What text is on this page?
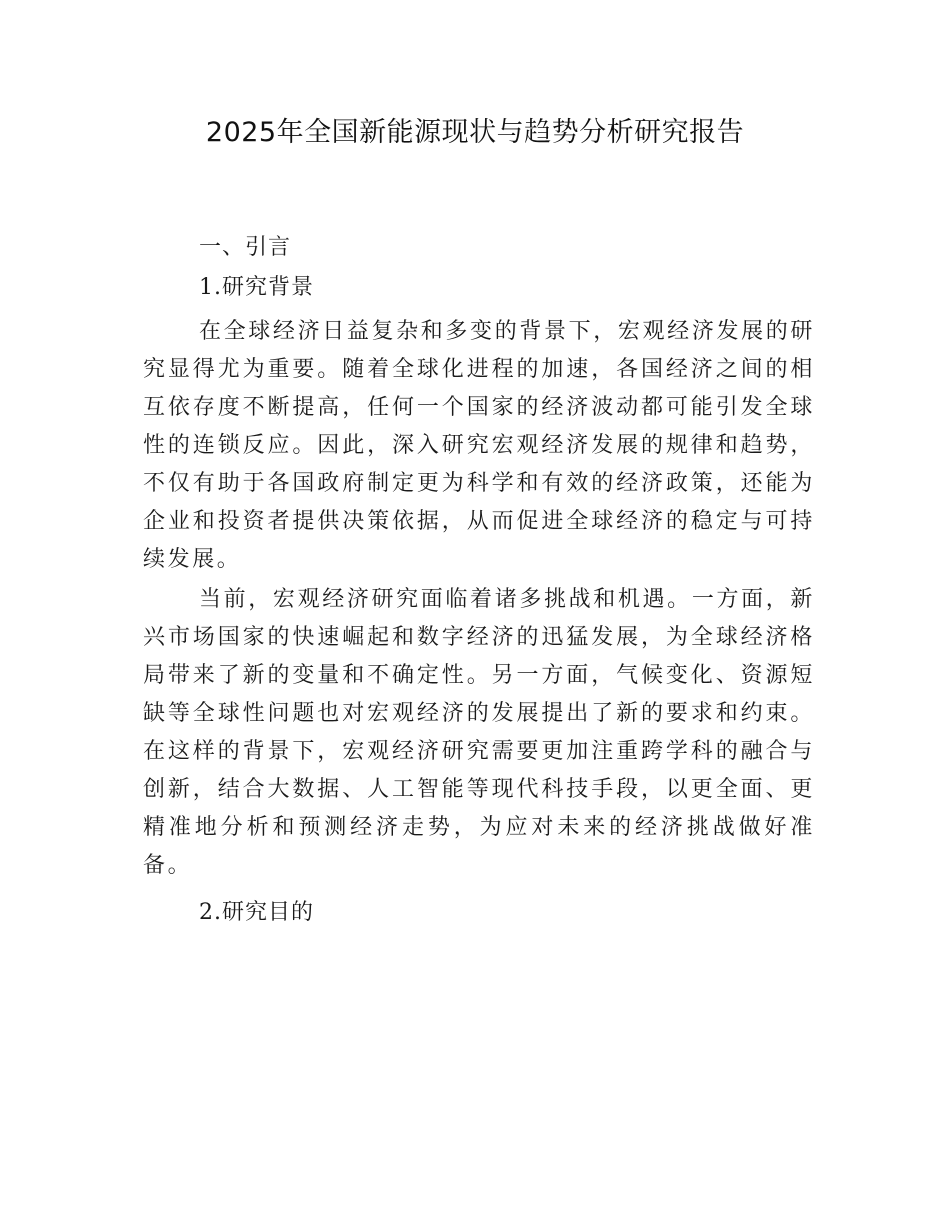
2025年全国新能源现状与趋势分析研究报告
一、引言
1.研究背景

在全球经济日益复杂和多变的背景下，宏观经济发展的研究显得尤为重要。随着全球化进程的加速，各国经济之间的相互依存度不断提高，任何一个国家的经济波动都可能引发全球性的连锁反应。因此，深入研究宏观经济发展的规律和趋势，不仅有助于各国政府制定更为科学和有效的经济政策，还能为企业和投资者提供决策依据，从而促进全球经济的稳定与可持续发展。

当前，宏观经济研究面临着诸多挑战和机遇。一方面，新兴市场国家的快速崛起和数字经济的迅猛发展，为全球经济格局带来了新的变量和不确定性。另一方面，气候变化、资源短缺等全球性问题也对宏观经济的发展提出了新的要求和约束。在这样的背景下，宏观经济研究需要更加注重跨学科的融合与创新，结合大数据、人工智能等现代科技手段，以更全面、更精准地分析和预测经济走势，为应对未来的经济挑战做好准备。

2.研究目的
